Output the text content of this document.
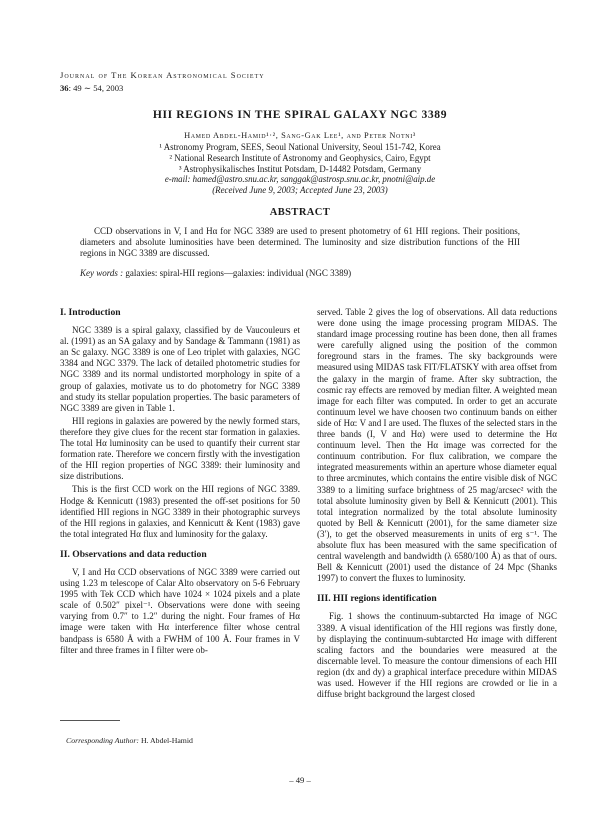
Journal of The Korean Astronomical Society
36: 49 ∼ 54, 2003
HII REGIONS IN THE SPIRAL GALAXY NGC 3389
Hamed Abdel-Hamid¹·², Sang-Gak Lee¹, and Peter Notni³
¹ Astronomy Program, SEES, Seoul National University, Seoul 151-742, Korea
² National Research Institute of Astronomy and Geophysics, Cairo, Egypt
³ Astrophysikalisches Institut Potsdam, D-14482 Potsdam, Germany
e-mail: hamed@astro.snu.ac.kr, sanggak@astrosp.snu.ac.kr, pnotni@aip.de
(Received June 9, 2003; Accepted June 23, 2003)
ABSTRACT
CCD observations in V, I and Hα for NGC 3389 are used to present photometry of 61 HII regions. Their positions, diameters and absolute luminosities have been determined. The luminosity and size distribution functions of the HII regions in NGC 3389 are discussed.
Key words : galaxies: spiral-HII regions—galaxies: individual (NGC 3389)
I. Introduction

NGC 3389 is a spiral galaxy, classified by de Vaucouleurs et al. (1991) as an SA galaxy and by Sandage & Tammann (1981) as an Sc galaxy. NGC 3389 is one of Leo triplet with galaxies, NGC 3384 and NGC 3379. The lack of detailed photometric studies for NGC 3389 and its normal undistorted morphology in spite of a group of galaxies, motivate us to do photometry for NGC 3389 and study its stellar population properties. The basic parameters of NGC 3389 are given in Table 1.

HII regions in galaxies are powered by the newly formed stars, therefore they give clues for the recent star formation in galaxies. The total Hα luminosity can be used to quantify their current star formation rate. Therefore we concern firstly with the investigation of the HII region properties of NGC 3389: their luminosity and size distributions.

This is the first CCD work on the HII regions of NGC 3389. Hodge & Kennicutt (1983) presented the off-set positions for 50 identified HII regions in NGC 3389 in their photographic surveys of the HII regions in galaxies, and Kennicutt & Kent (1983) gave the total integrated Hα flux and luminosity for the galaxy.

II. Observations and data reduction

V, I and Hα CCD observations of NGC 3389 were carried out using 1.23 m telescope of Calar Alto observatory on 5-6 February 1995 with Tek CCD which have 1024 × 1024 pixels and a plate scale of 0.502″ pixel⁻¹. Observations were done with seeing varying from 0.7″ to 1.2″ during the night. Four frames of Hα image were taken with Hα interference filter whose central bandpass is 6580 Å with a FWHM of 100 Å. Four frames in V filter and three frames in I filter were ob-

served. Table 2 gives the log of observations. All data reductions were done using the image processing program MIDAS. The standard image processing routine has been done, then all frames were carefully aligned using the position of the common foreground stars in the frames. The sky backgrounds were measured using MIDAS task FIT/FLATSKY with area offset from the galaxy in the margin of frame. After sky subtraction, the cosmic ray effects are removed by median filter. A weighted mean image for each filter was computed. In order to get an accurate continuum level we have choosen two continuum bands on either side of Hα: V and I are used. The fluxes of the selected stars in the three bands (I, V and Hα) were used to determine the Hα continuum level. Then the Hα image was corrected for the continuum contribution. For flux calibration, we compare the integrated measurements within an aperture whose diameter equal to three arcminutes, which contains the entire visible disk of NGC 3389 to a limiting surface brightness of 25 mag/arcsec² with the total absolute luminosity given by Bell & Kennicutt (2001). This total integration normalized by the total absolute luminosity quoted by Bell & Kennicutt (2001), for the same diameter size (3′), to get the observed measurements in units of erg s⁻¹. The absolute flux has been measured with the same specification of central wavelength and bandwidth (λ 6580/100 Å) as that of ours. Bell & Kennicutt (2001) used the distance of 24 Mpc (Shanks 1997) to convert the fluxes to luminosity.

III. HII regions identification

Fig. 1 shows the continuum-subtarcted Hα image of NGC 3389. A visual identification of the HII regions was firstly done, by displaying the continuum-subtarcted Hα image with different scaling factors and the boundaries were measured at the discernable level. To measure the contour dimensions of each HII region (dx and dy) a graphical interface precedure within MIDAS was used. However if the HII regions are crowded or lie in a diffuse bright background the largest closed

Corresponding Author: H. Abdel-Hamid
– 49 –
